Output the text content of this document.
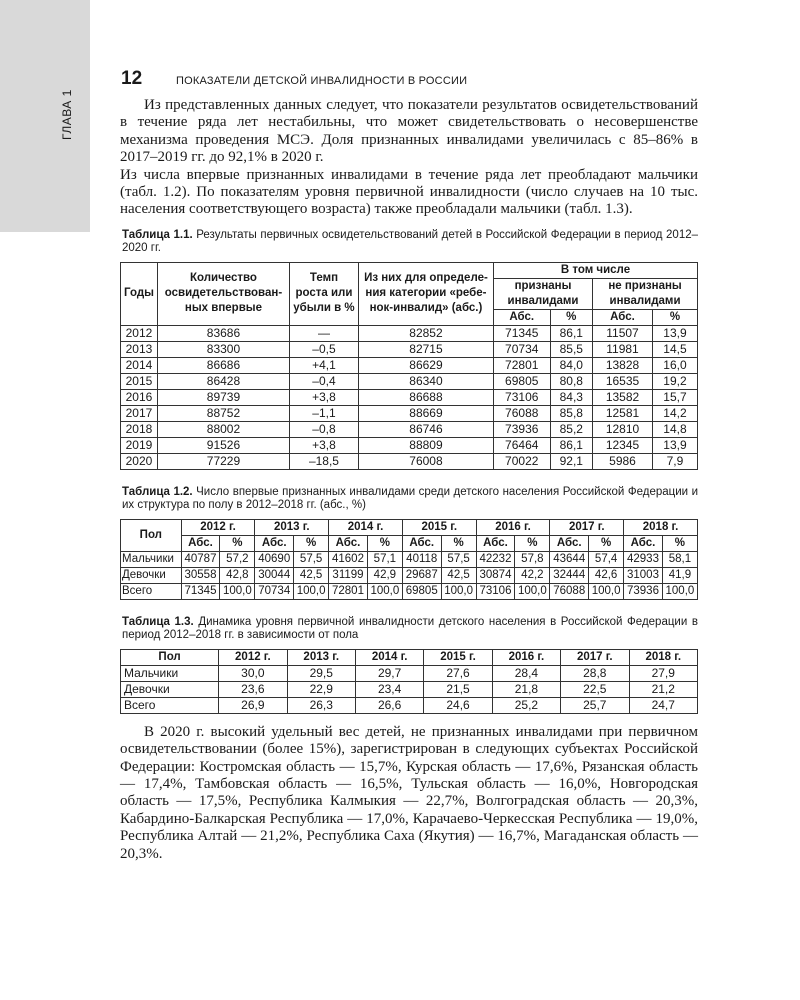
ГЛАВА 1
12	ПОКАЗАТЕЛИ ДЕТСКОЙ ИНВАЛИДНОСТИ В РОССИИ

Из представленных данных следует, что показатели результатов освидетельствований в течение ряда лет нестабильны, что может свидетельствовать о несовершенстве механизма проведения МСЭ. Доля признанных инвалидами увеличилась с 85–86% в 2017–2019 гг. до 92,1% в 2020 г.

Из числа впервые признанных инвалидами в течение ряда лет преобладают мальчики (табл. 1.2). По показателям уровня первичной инвалидности (число случаев на 10 тыс. населения соответствующего возраста) также преобладали мальчики (табл. 1.3).

Таблица 1.1. Результаты первичных освидетельствований детей в Российской Федерации в период 2012–2020 гг.
Годы	Количество освидетельствован-ных впервые	Темп роста или убыли в %	Из них для определе-ния категории «ребе-нок-инвалид» (абс.)	В том числе			
				признаны инвалидами		не признаны инвалидами	
				Абс.	%	Абс.	%
2012	83686	—	82852	71345	86,1	11507	13,9
2013	83300	–0,5	82715	70734	85,5	11981	14,5
2014	86686	+4,1	86629	72801	84,0	13828	16,0
2015	86428	–0,4	86340	69805	80,8	16535	19,2
2016	89739	+3,8	86688	73106	84,3	13582	15,7
2017	88752	–1,1	88669	76088	85,8	12581	14,2
2018	88002	–0,8	86746	73936	85,2	12810	14,8
2019	91526	+3,8	88809	76464	86,1	12345	13,9
2020	77229	–18,5	76008	70022	92,1	5986	7,9
Таблица 1.2. Число впервые признанных инвалидами среди детского населения Российской Федерации и их структура по полу в 2012–2018 гг. (абс., %)
Пол	2012 г.		2013 г.		2014 г.		2015 г.		2016 г.		2017 г.		2018 г.	
	Абс.	%	Абс.	%	Абс.	%	Абс.	%	Абс.	%	Абс.	%	Абс.	%
Мальчики	40787	57,2	40690	57,5	41602	57,1	40118	57,5	42232	57,8	43644	57,4	42933	58,1
Девочки	30558	42,8	30044	42,5	31199	42,9	29687	42,5	30874	42,2	32444	42,6	31003	41,9
Всего	71345	100,0	70734	100,0	72801	100,0	69805	100,0	73106	100,0	76088	100,0	73936	100,0
Таблица 1.3. Динамика уровня первичной инвалидности детского населения в Российской Федерации в период 2012–2018 гг. в зависимости от пола
Пол	2012 г.	2013 г.	2014 г.	2015 г.	2016 г.	2017 г.	2018 г.
Мальчики	30,0	29,5	29,7	27,6	28,4	28,8	27,9
Девочки	23,6	22,9	23,4	21,5	21,8	22,5	21,2
Всего	26,9	26,3	26,6	24,6	25,2	25,7	24,7

В 2020 г. высокий удельный вес детей, не признанных инвалидами при первичном освидетельствовании (более 15%), зарегистрирован в следующих субъектах Российской Федерации: Костромская область — 15,7%, Курская область — 17,6%, Рязанская область — 17,4%, Тамбовская область — 16,5%, Тульская область — 16,0%, Новгородская область — 17,5%, Республика Калмыкия — 22,7%, Волгоградская область — 20,3%, Кабардино-Балкарская Республика — 17,0%, Карачаево-Черкесская Республика — 19,0%, Республика Алтай — 21,2%, Республика Саха (Якутия) — 16,7%, Магаданская область — 20,3%.
